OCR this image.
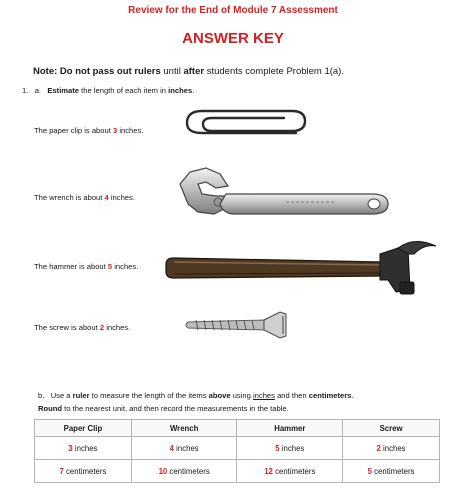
Review for the End of Module 7 Assessment
ANSWER KEY
Note: Do not pass out rulers until after students complete Problem 1(a).
1. a. Estimate the length of each item in inches.
The paper clip is about 3 inches.
The wrench is about 4 inches.
The hammer is about 5 inches.
The screw is about 2 inches.
b. Use a ruler to measure the length of the items above using inches and then centimeters.
Round to the nearest unit, and then record the measurements in the table.
Paper Clip	Wrench	Hammer	Screw
3 inches	4 inches	5 inches	2 inches
7 centimeters	10 centimeters	12 centimeters	5 centimeters
